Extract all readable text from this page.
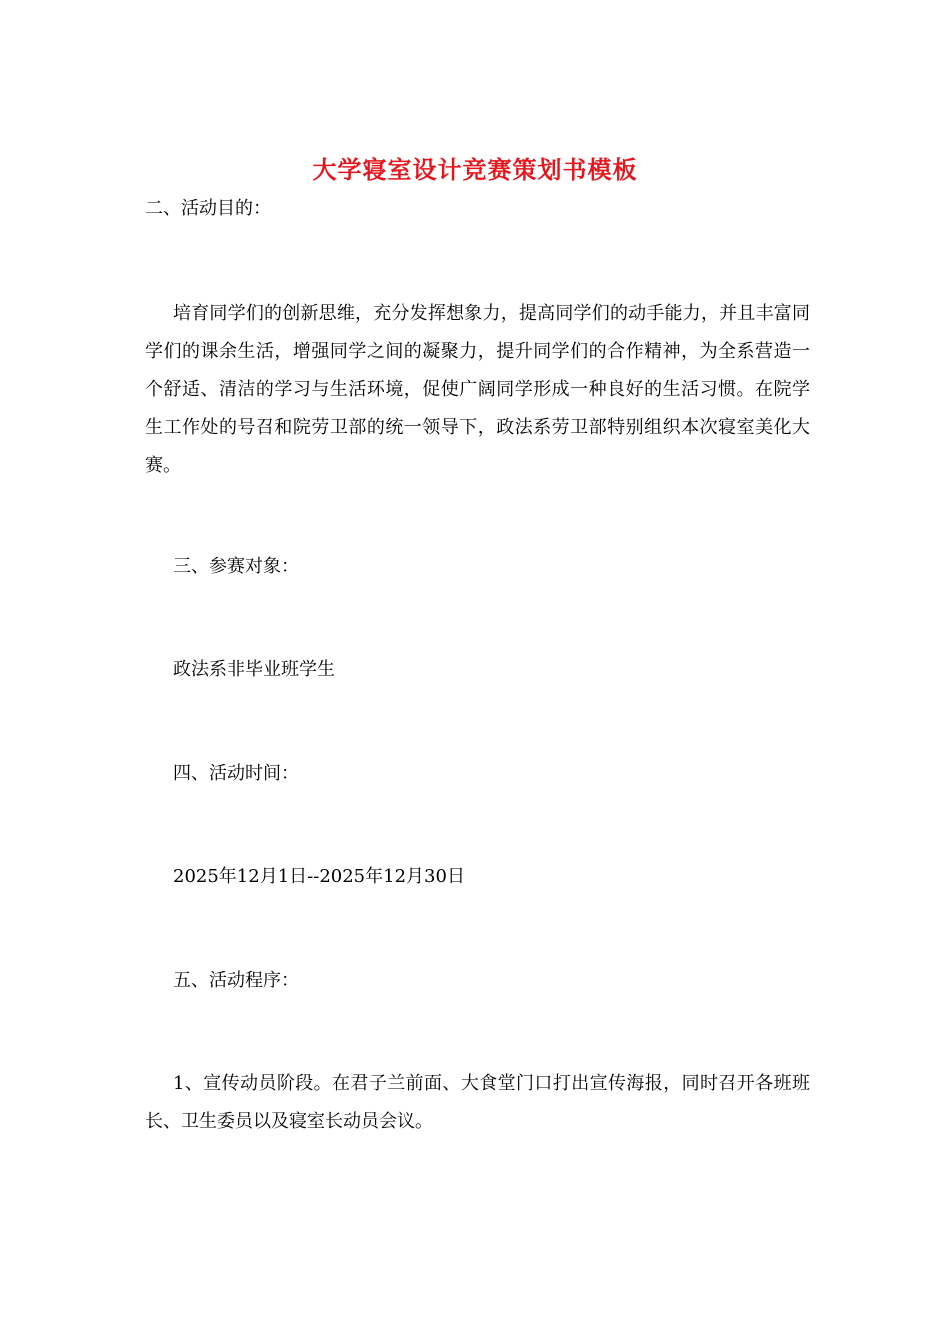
大学寝室设计竞赛策划书模板
二、活动目的：
培育同学们的创新思维，充分发挥想象力，提高同学们的动手能力，并且丰富同学们的课余生活，增强同学之间的凝聚力，提升同学们的合作精神，为全系营造一个舒适、清洁的学习与生活环境，促使广阔同学形成一种良好的生活习惯。在院学生工作处的号召和院劳卫部的统一领导下，政法系劳卫部特别组织本次寝室美化大赛。
三、参赛对象：
政法系非毕业班学生
四、活动时间：
2025年12月1日--2025年12月30日
五、活动程序：
1、宣传动员阶段。在君子兰前面、大食堂门口打出宣传海报，同时召开各班班长、卫生委员以及寝室长动员会议。
